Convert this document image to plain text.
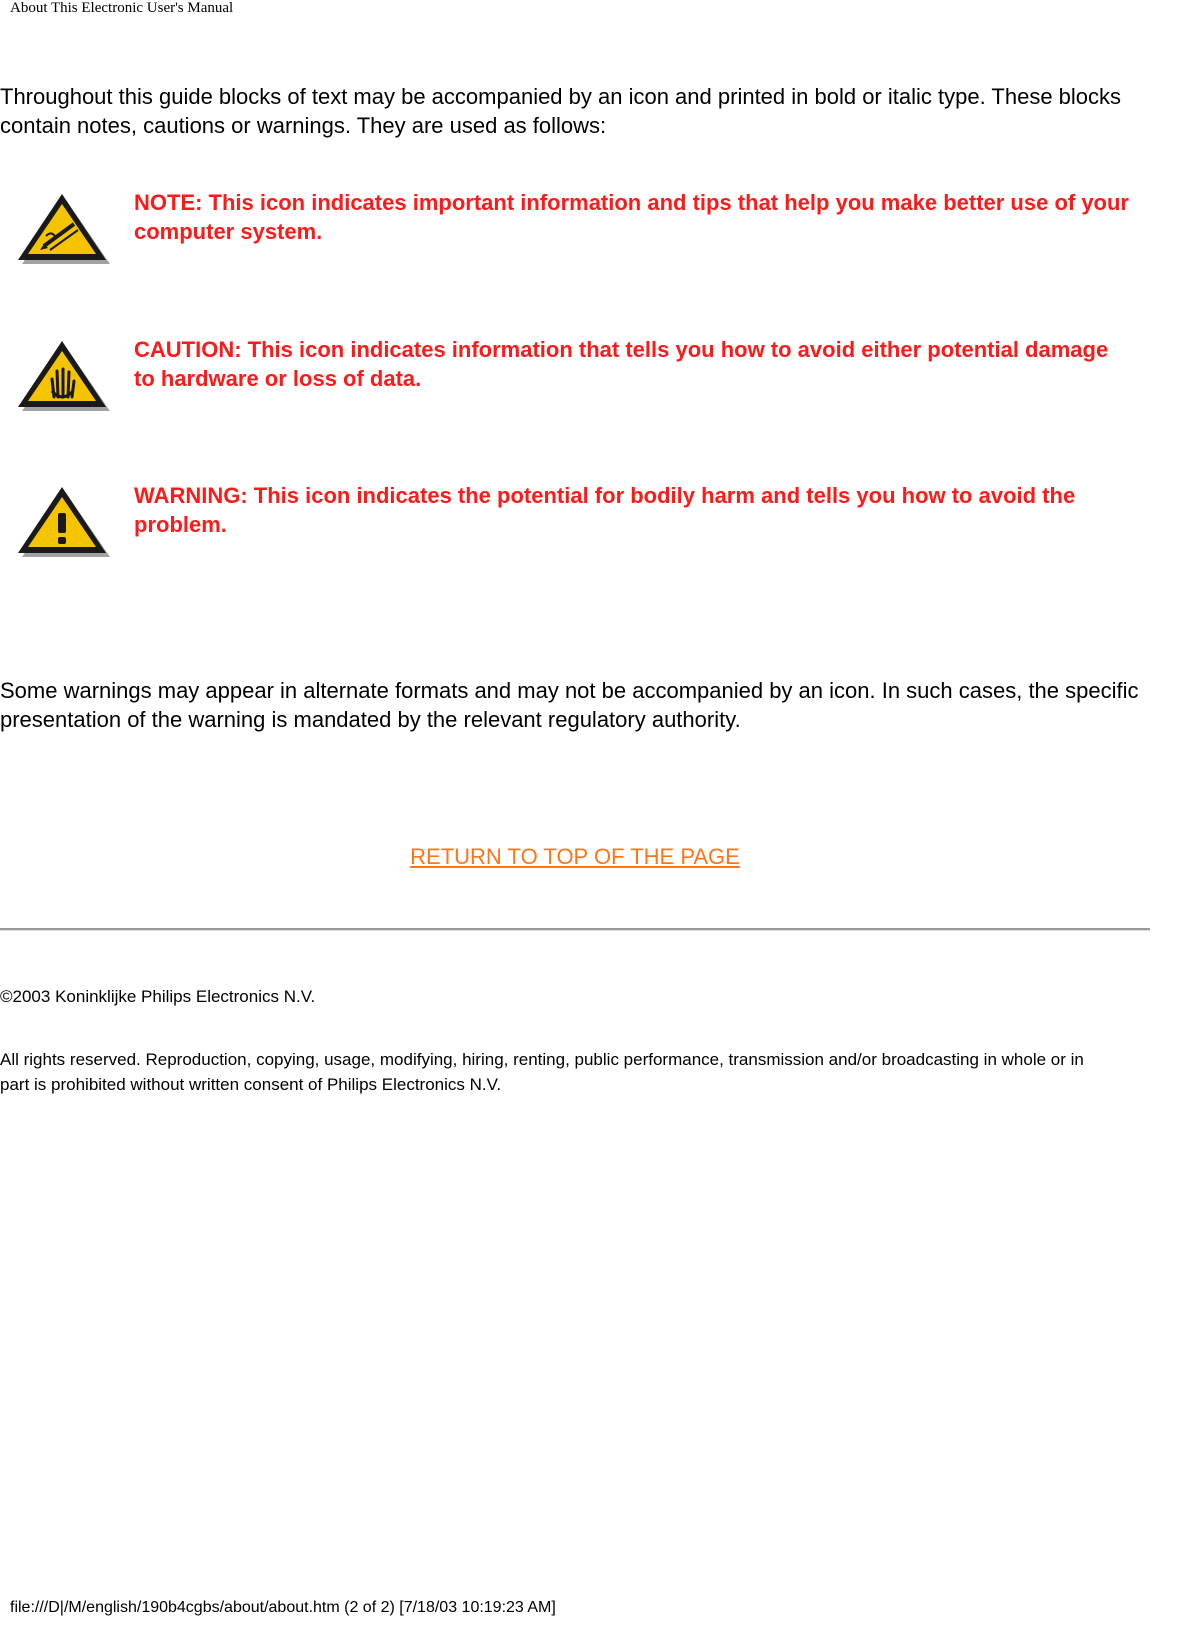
About This Electronic User's Manual
Throughout this guide blocks of text may be accompanied by an icon and printed in bold or italic type. These blocks contain notes, cautions or warnings. They are used as follows:
NOTE: This icon indicates important information and tips that help you make better use of your computer system.
CAUTION: This icon indicates information that tells you how to avoid either potential damage to hardware or loss of data.
WARNING: This icon indicates the potential for bodily harm and tells you how to avoid the problem.
Some warnings may appear in alternate formats and may not be accompanied by an icon. In such cases, the specific presentation of the warning is mandated by the relevant regulatory authority.
RETURN TO TOP OF THE PAGE
©2003 Koninklijke Philips Electronics N.V.
All rights reserved. Reproduction, copying, usage, modifying, hiring, renting, public performance, transmission and/or broadcasting in whole or in part is prohibited without written consent of Philips Electronics N.V.
file:///D|/M/english/190b4cgbs/about/about.htm (2 of 2) [7/18/03 10:19:23 AM]
